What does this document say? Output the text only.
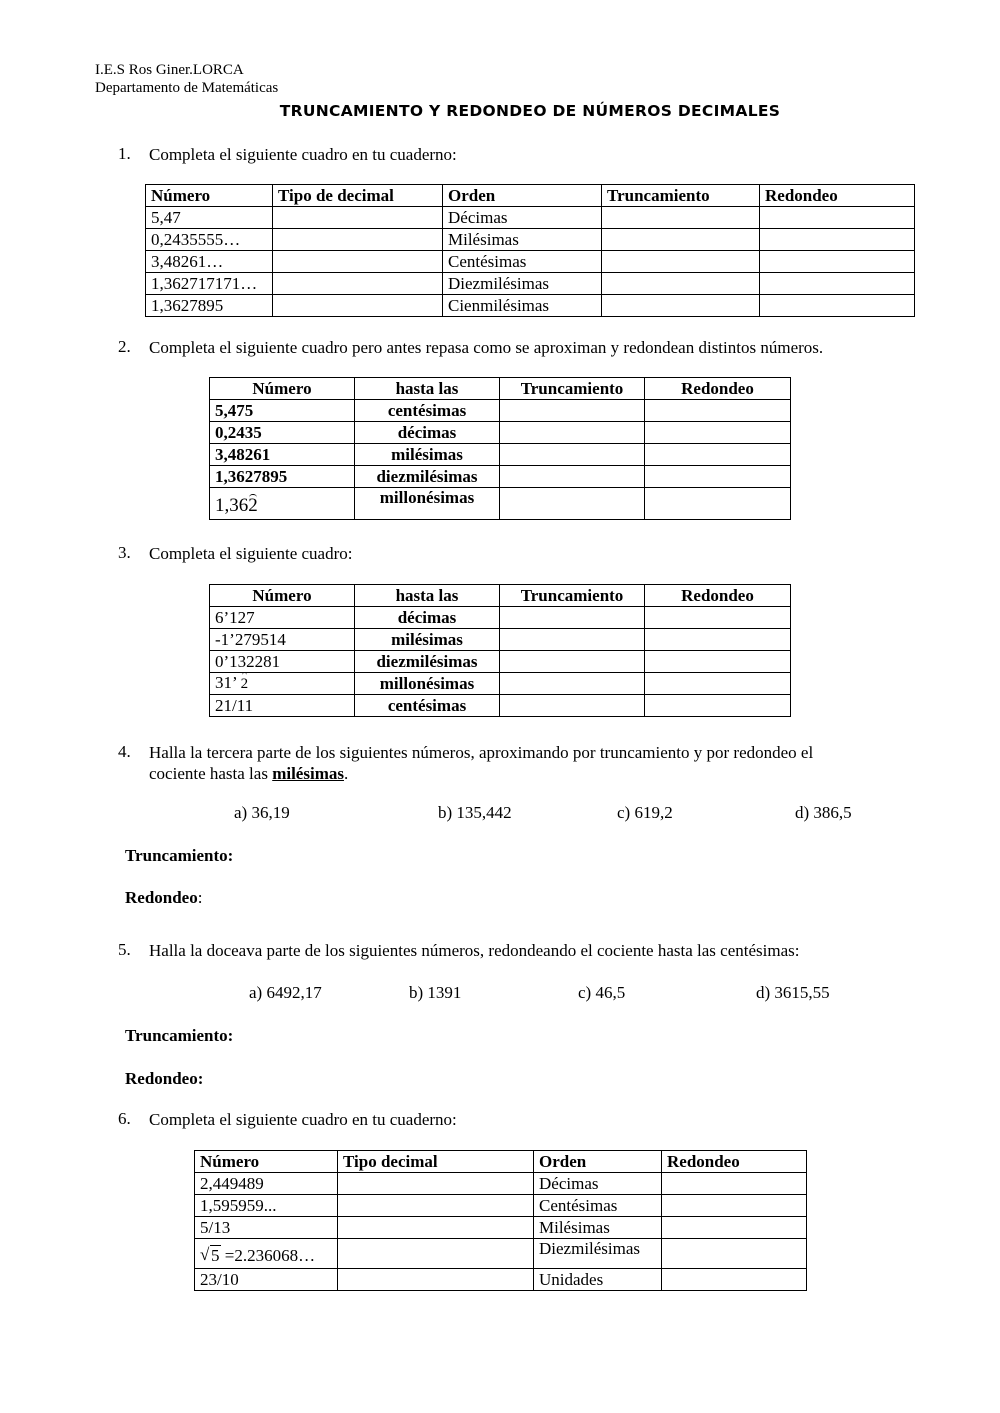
I.E.S Ros Giner.LORCA
Departamento de Matemáticas
TRUNCAMIENTO Y REDONDEO DE NÚMEROS DECIMALES
1. Completa el siguiente cuadro en tu cuaderno:
Número	Tipo de decimal	Orden	Truncamiento	Redondeo
5,47		Décimas		
0,2435555…		Milésimas		
3,48261…		Centésimas		
1,362717171…		Diezmilésimas		
1,3627895		Cienmilésimas		
2. Completa el siguiente cuadro pero antes repasa como se aproximan y redondean distintos números.
Número	hasta las	Truncamiento	Redondeo
5,475	centésimas		
0,2435	décimas		
3,48261	milésimas		
1,3627895	diezmilésimas		
1,362	millonésimas		
3. Completa el siguiente cuadro:
Número	hasta las	Truncamiento	Redondeo
6’127	décimas		
-1’279514	milésimas		
0’132281	diezmilésimas		
31’ 2	millonésimas		
21/11	centésimas		
4. Halla la tercera parte de los siguientes números, aproximando por truncamiento y por redondeo el
cociente hasta las milésimas.
a) 36,19	b) 135,442	c) 619,2	d) 386,5
Truncamiento:
Redondeo:
5. Halla la doceava parte de los siguientes números, redondeando el cociente hasta las centésimas:
a) 6492,17	b) 1391	c) 46,5	d) 3615,55
Truncamiento:
Redondeo:
6. Completa el siguiente cuadro en tu cuaderno:
Número	Tipo decimal	Orden	Redondeo
2,449489		Décimas	
1,595959...		Centésimas	
5/13		Milésimas	

√ 5 =2.236068…		Diezmilésimas	
23/10		Unidades	
